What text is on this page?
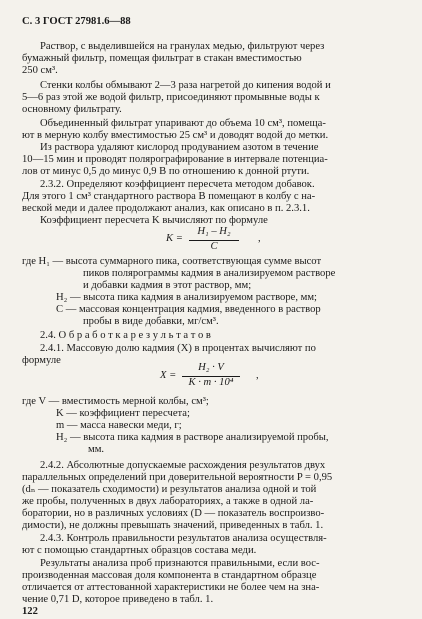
С. 3 ГОСТ 27981.6—88
Раствор, с выделившейся на гранулах медью, фильтруют через
бумажный фильтр, помещая фильтрат в стакан вместимостью
250 см³.
Стенки колбы обмывают 2—3 раза нагретой до кипения водой и
5—6 раз этой же водой фильтр, присоединяют промывные воды к
основному фильтрату.
Объединенный фильтрат упаривают до объема 10 см³, помеща-
ют в мерную колбу вместимостью 25 см³ и доводят водой до метки.
Из раствора удаляют кислород продуванием азотом в течение
10—15 мин и проводят полярографирование в интервале потенциа-
лов от минус 0,5 до минус 0,9 В по отношению к донной ртути.
2.3.2. Определяют коэффициент пересчета методом добавок.
Для этого 1 см³ стандартного раствора В помещают в колбу с на-
веской меди и далее продолжают анализ, как описано в п. 2.3.1.
Коэффициент пересчета K вычисляют по формуле
K =
H₁ – H₂
C
,
где H₁ — высота суммарного пика, соответствующая сумме высот
пиков полярограммы кадмия в анализируемом растворе
и добавки кадмия в этот раствор, мм;
H₂ — высота пика кадмия в анализируемом растворе, мм;
C — массовая концентрация кадмия, введенного в раствор
пробы в виде добавки, мг/см³.
2.4. О б р а б о т к а р е з у л ь т а т о в
2.4.1. Массовую долю кадмия (X) в процентах вычисляют по
формуле
X =
H₂ · V
K · m · 10⁴
,
где V — вместимость мерной колбы, см³;
K — коэффициент пересчета;
m — масса навески меди, г;
H₂ — высота пика кадмия в растворе анализируемой пробы,
мм.
2.4.2. Абсолютные допускаемые расхождения результатов двух
параллельных определений при доверительной вероятности P = 0,95
(dₙ — показатель сходимости) и результатов анализа одной и той
же пробы, полученных в двух лабораториях, а также в одной ла-
боратории, но в различных условиях (D — показатель воспроизво-
димости), не должны превышать значений, приведенных в табл. 1.
2.4.3. Контроль правильности результатов анализа осуществля-
ют с помощью стандартных образцов состава меди.
Результаты анализа проб признаются правильными, если вос-
производенная массовая доля компонента в стандартном образце
отличается от аттестованной характеристики не более чем на зна-
чение 0,71 D, которое приведено в табл. 1.
122
